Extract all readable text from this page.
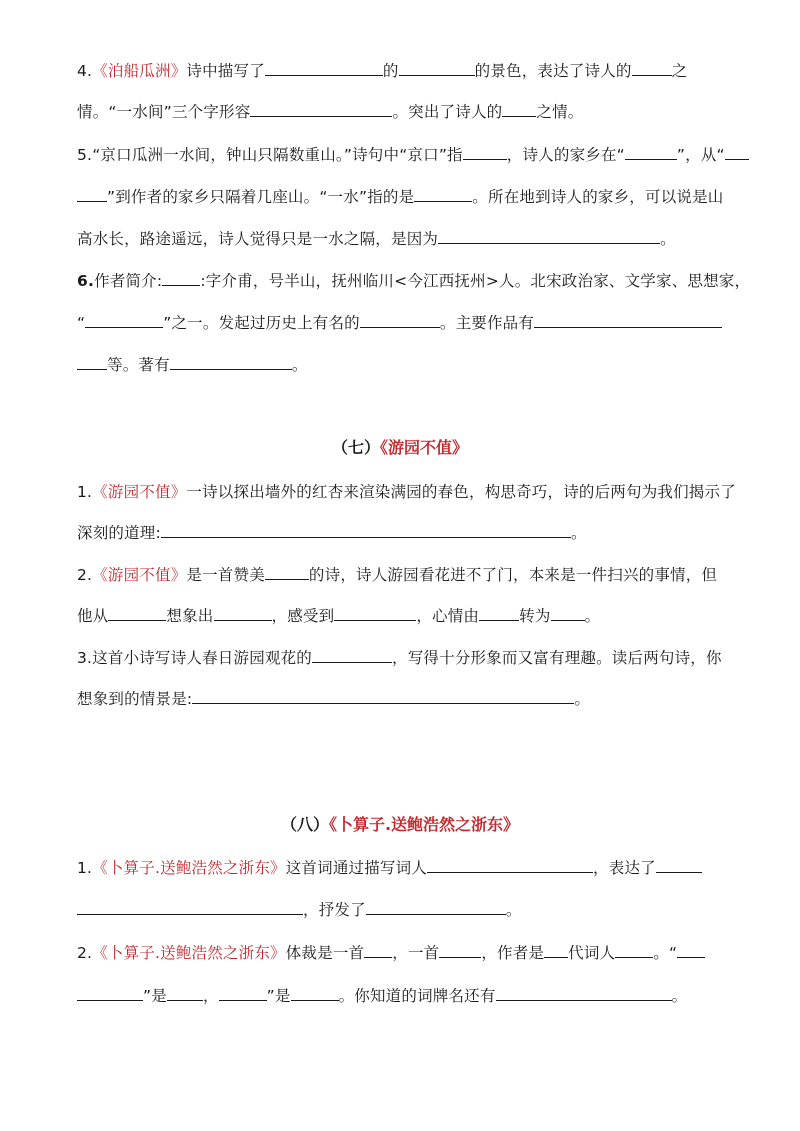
4.《泊船瓜洲》诗中描写了	的	的景色，表达了诗人的	之
情。“一水间”三个字形容	。突出了诗人的 之情。
5.“京口瓜洲一水间，钟山只隔数重山。”诗句中“京口”指	，诗人的家乡在“	”，从“
”到作者的家乡只隔着几座山。“一水”指的是	。所在地到诗人的家乡，可以说是山
高水长，路途遥远，诗人觉得只是一水之隔，是因为	。
6.作者简介: :字介甫，号半山，抚州临川<今江西抚州>人。北宋政治家、文学家、思想家，
“	”之一。发起过历史上有名的	。主要作品有
等。著有	。
（七）《游园不值》
1.《游园不值》一诗以探出墙外的红杏来渲染满园的春色，构思奇巧，诗的后两句为我们揭示了
深刻的道理:	。
2.《游园不值》是一首赞美	的诗，诗人游园看花进不了门，本来是一件扫兴的事情，但
他从	想象出	，感受到	，心情由	转为 。
3.这首小诗写诗人春日游园观花的	，写得十分形象而又富有理趣。读后两句诗，你
想象到的情景是:	。
（八）《卜算子.送鲍浩然之浙东》
1.《卜算子.送鲍浩然之浙东》这首词通过描写词人	，表达了
，抒发了	。
2.《卜算子.送鲍浩然之浙东》体裁是一首 ，一首	，作者是 代词人 。“
”是 ，	”是	。你知道的词牌名还有	。
